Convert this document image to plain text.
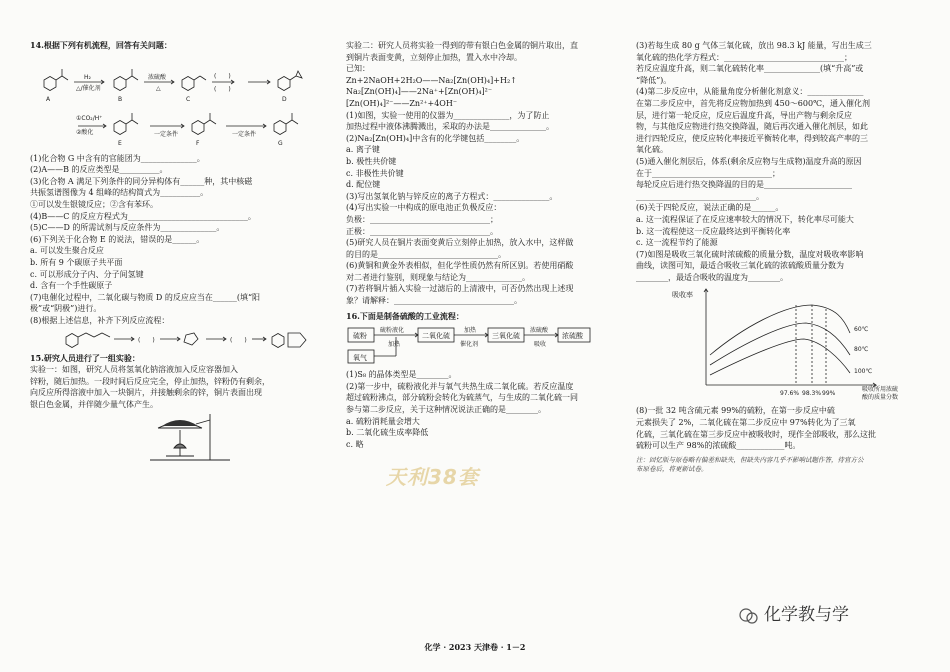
14.根据下列有机流程，回答有关问题：
H₂
△/催化剂
浓硫酸
△
(　　)
(　　)
A	B	C	D
①CO₂/H⁺
②酸化	一定条件	一定条件
E	F	G
(1)化合物 G 中含有的官能团为______________。
(2)A——B 的反应类型是__________。
(3)化合物 A 满足下列条件的同分异构体有______种，其中核磁
共振氢谱图像为 4 组峰的结构简式为__________。
①可以发生银镜反应；②含有苯环。
(4)B——C 的反应方程式为______________________________。
(5)C——D 的所需试剂与反应条件为______________。
(6)下列关于化合物 E 的说法，错误的是______。
a. 可以发生聚合反应
b. 所有 9 个碳原子共平面
c. 可以形成分子内、分子间氢键
d. 含有一个手性碳原子
(7)电催化过程中，二氧化碳与物质 D 的反应应当在______(填“阳
极”或“阴极”)进行。
(8)根据上述信息，补齐下列反应流程：
(　　)	(　　)
15.研究人员进行了一组实验：
实验一：如图，研究人员将氢氧化钠溶液加入反应容器加入
锌粉，随后加热。一段时间后反应完全，停止加热，锌粉仍有剩余，
向反应所得溶液中加入一块铜片，并接触剩余的锌，铜片表面出现
银白色金属，并伴随少量气体产生。
实验二：研究人员将实验一得到的带有银白色金属的铜片取出，直
到铜片表面变黄，立刻停止加热，置入水中冷却。
已知：
Zn+2NaOH+2H₂O——Na₂[Zn(OH)₄]+H₂↑
Na₂[Zn(OH)₄]——2Na⁺+[Zn(OH)₄]²⁻
[Zn(OH)₄]²⁻——Zn²⁺+4OH⁻
(1)如图，实验一使用的仪器为______________，为了防止
加热过程中液体沸腾溅出，采取的办法是______________。
(2)Na₂[Zn(OH)₄]中含有的化学键包括________。
a. 离子键
b. 极性共价键
c. 非极性共价键
d. 配位键
(3)写出氢氧化钠与锌反应的离子方程式：______________。
(4)写出实验一中构成的原电池正负极反应：
负极：______________________________；
正极：______________________________。
(5)研究人员在铜片表面变黄后立刻停止加热，放入水中，这样做
的目的是______________________________。
(6)黄铜和黄金外表相似，但化学性质仍然有所区别。若使用硝酸
对二者进行鉴别，则现象与结论为______________。
(7)若将铜片插入实验一过滤后的上清液中，可否仍然出现上述现
象？请解释：______________________________。
16.下面是制备硫酸的工业流程：
硫粉
硫粉液化
加热
二氧化硫
加热
催化剂
三氧化硫
浓硫酸
吸收
浓硫酸
氧气
(1)S₈ 的晶体类型是________。
(2)第一步中，硫粉液化并与氧气共热生成二氧化硫。若反应温度
超过硫粉沸点，部分硫粉会转化为硫蒸气，与生成的二氧化硫一同
参与第二步反应，关于这种情况说法正确的是________。
a. 硫粉消耗量会增大
b. 二氧化硫生成率降低
c. 略
天利38套
(3)若每生成 80 g 气体三氧化硫，放出 98.3 kJ 能量，写出生成三
氧化硫的热化学方程式：______________________________；
若反应温度升高，则二氧化硫转化率______________(填“升高”或
“降低”)。
(4)第二步反应中，从能量角度分析催化剂意义：______________
在第二步反应中，首先将反应物加热到 450～600℃，通入催化剂
层，进行第一轮反应，反应后温度升高，导出产物与剩余反应
物，与其他反应物进行热交换降温，随后再次通入催化剂层，如此
进行四轮反应，使反应转化率接近平衡转化率，得到较高产率的三
氧化硫。
(5)通入催化剂层后，体系(剩余反应物与生成物)温度升高的原因
在于______________________________；
每轮反应后进行热交换降温的目的是______________________
______________________________。
(6)关于四轮反应，说法正确的是______。
a. 这一流程保证了在反应速率较大的情况下，转化率尽可能大
b. 这一流程使这一反应最终达到平衡转化率
c. 这一流程节约了能源
(7)如图是吸收三氧化硫时浓硫酸的质量分数，温度对吸收率影响
曲线，读图可知，最适合吸收三氧化硫的浓硫酸质量分数为
________，最适合吸收的温度为________。
吸收率
60℃
80℃
100℃
97.6% 98.3% 99%
吸收所用浓硫
酸的质量分数
(8)一批 32 吨含硫元素 99%的硫粉，在第一步反应中硫
元素损失了 2%，二氧化硫在第二步反应中 97%转化为了三氧
化硫，三氧化硫在第三步反应中被吸收时，现作全部吸收，那么这批
硫粉可以生产 98%的浓硫酸____________吨。
注：回忆版与原卷略有偏差和缺失，但缺失内容几乎不影响试题作答，待官方公
布原卷后，将更新试卷。
化学教与学
化学 · 2023 天津卷 · 1－2
